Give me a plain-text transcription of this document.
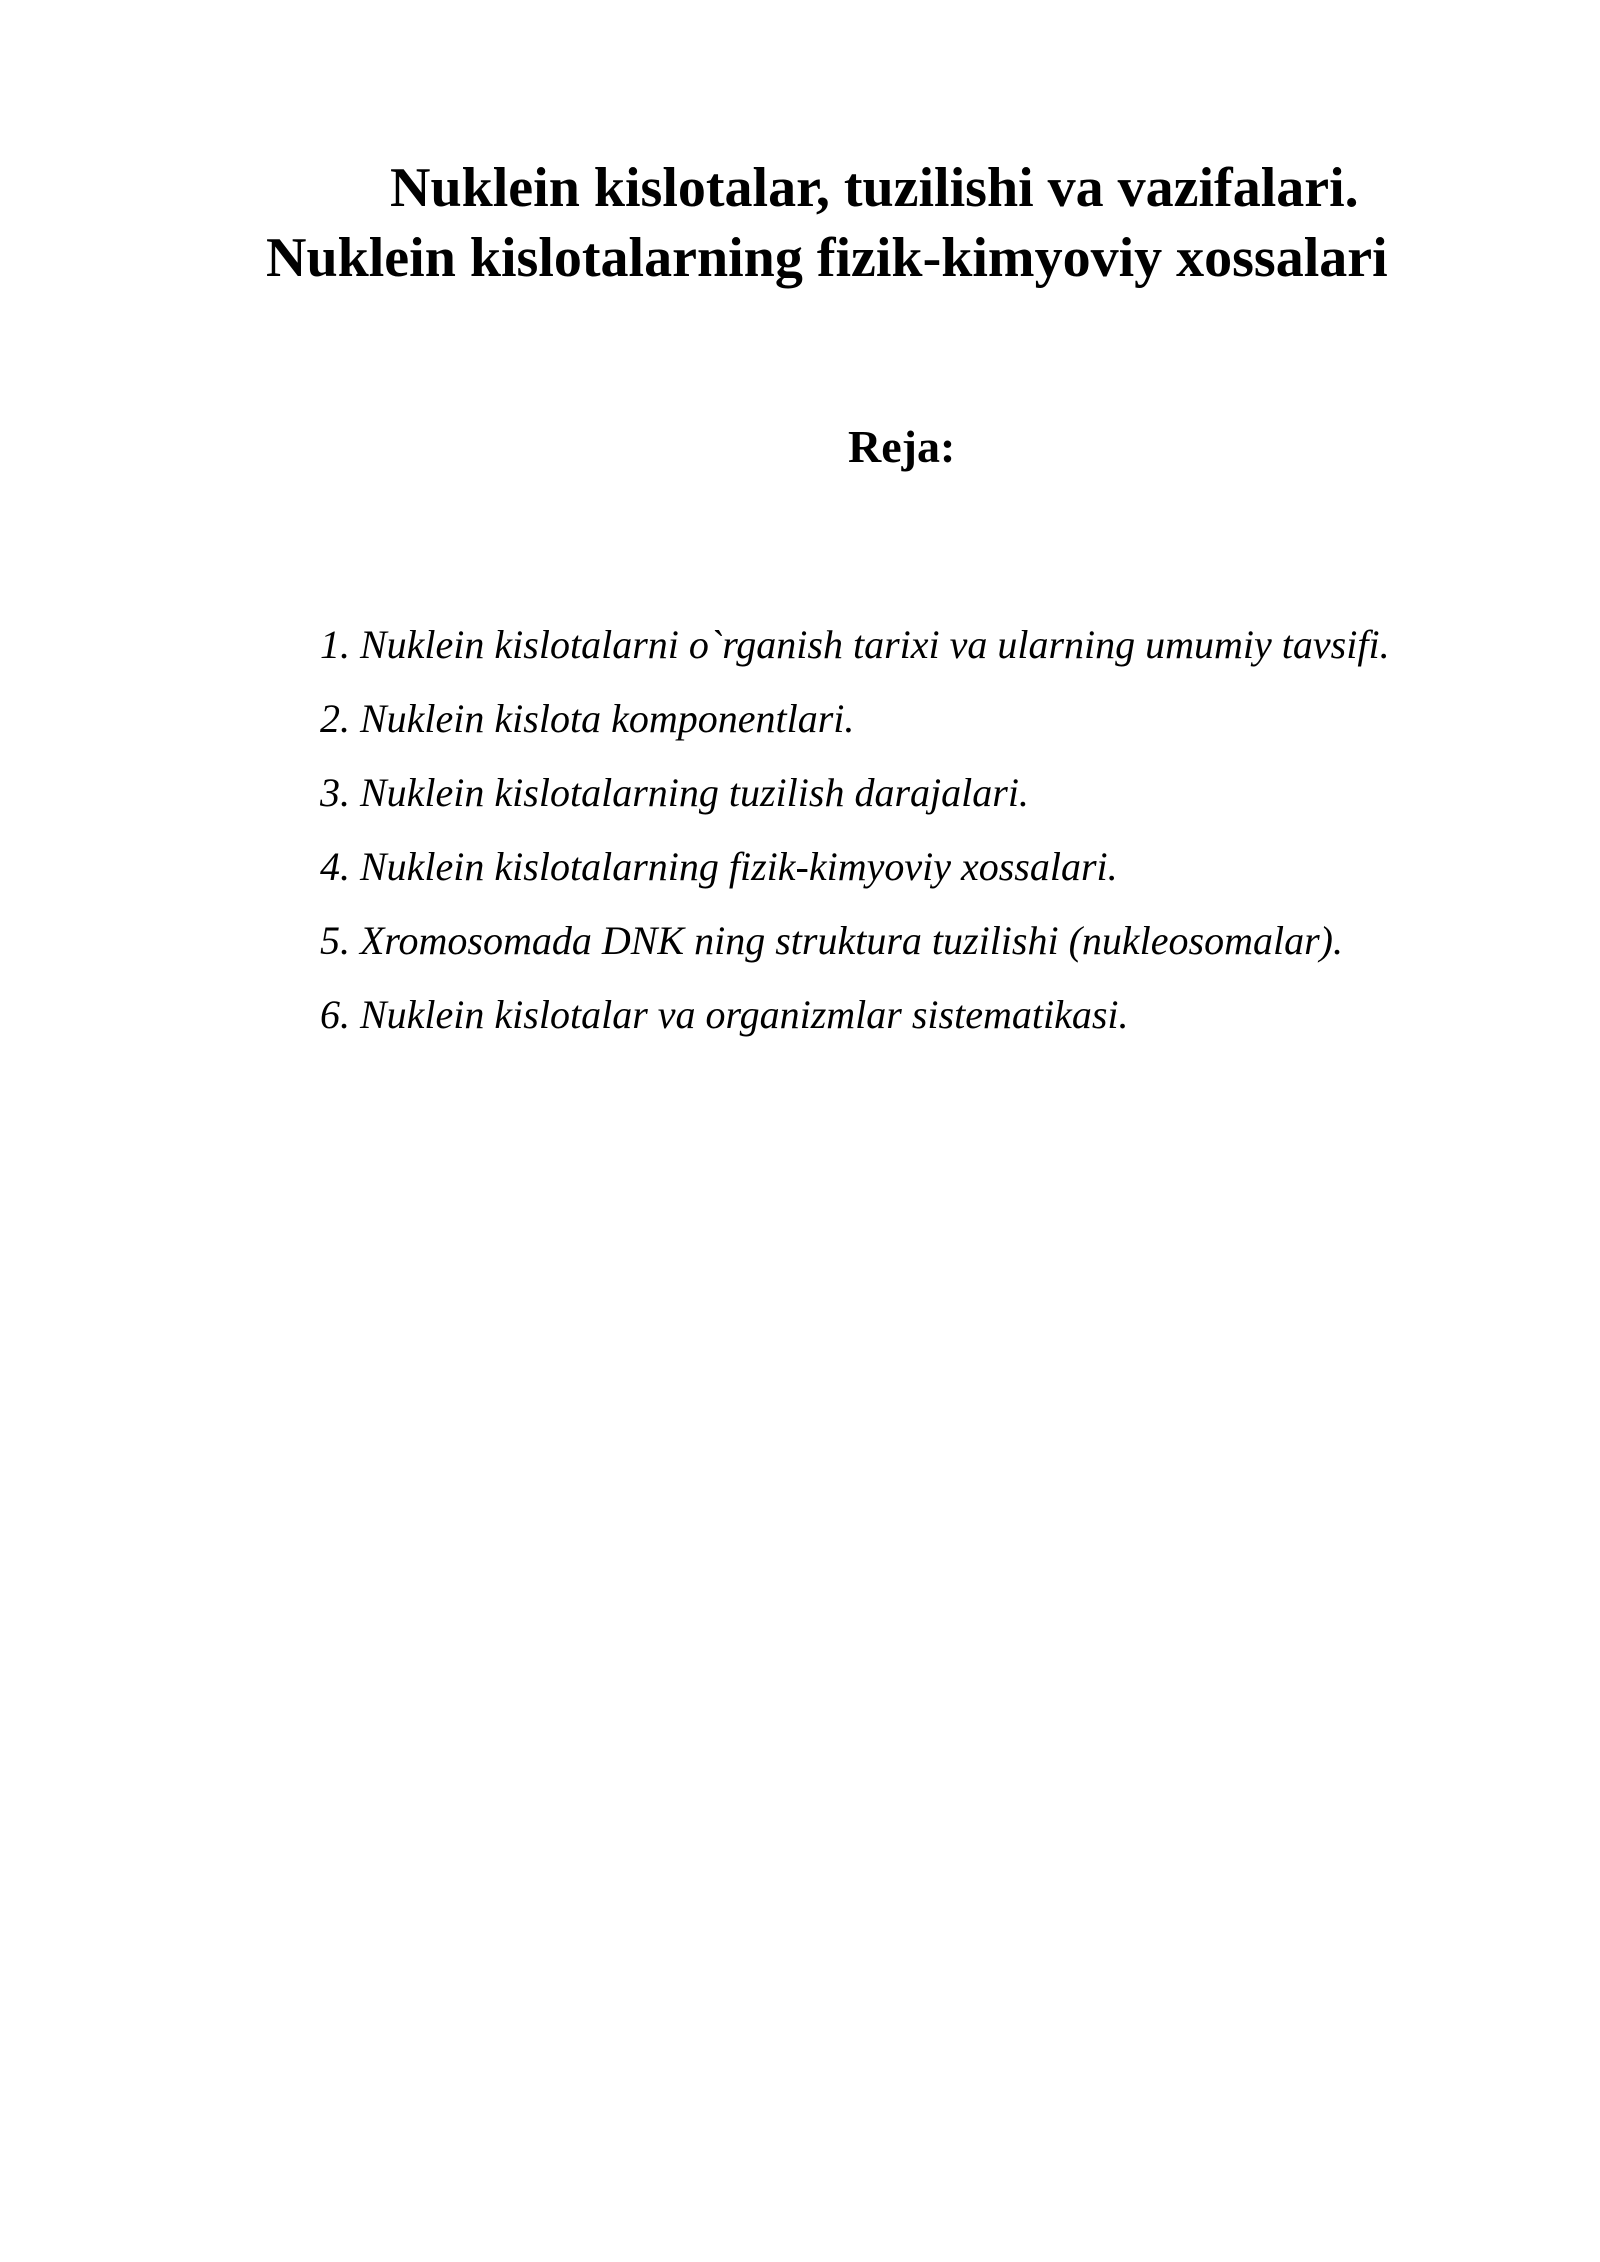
Nuklein kislotalar, tuzilishi va vazifalari.
Nuklein kislotalarning fizik-kimyoviy xossalari
Reja:
1. Nuklein kislotalarni o`rganish tarixi va ularning umumiy tavsifi.
2. Nuklein kislota komponentlari.
3. Nuklein kislotalarning tuzilish darajalari.
4. Nuklein kislotalarning fizik-kimyoviy xossalari.
5. Xromosomada DNK ning struktura tuzilishi (nukleosomalar).
6. Nuklein kislotalar va organizmlar sistematikasi.
